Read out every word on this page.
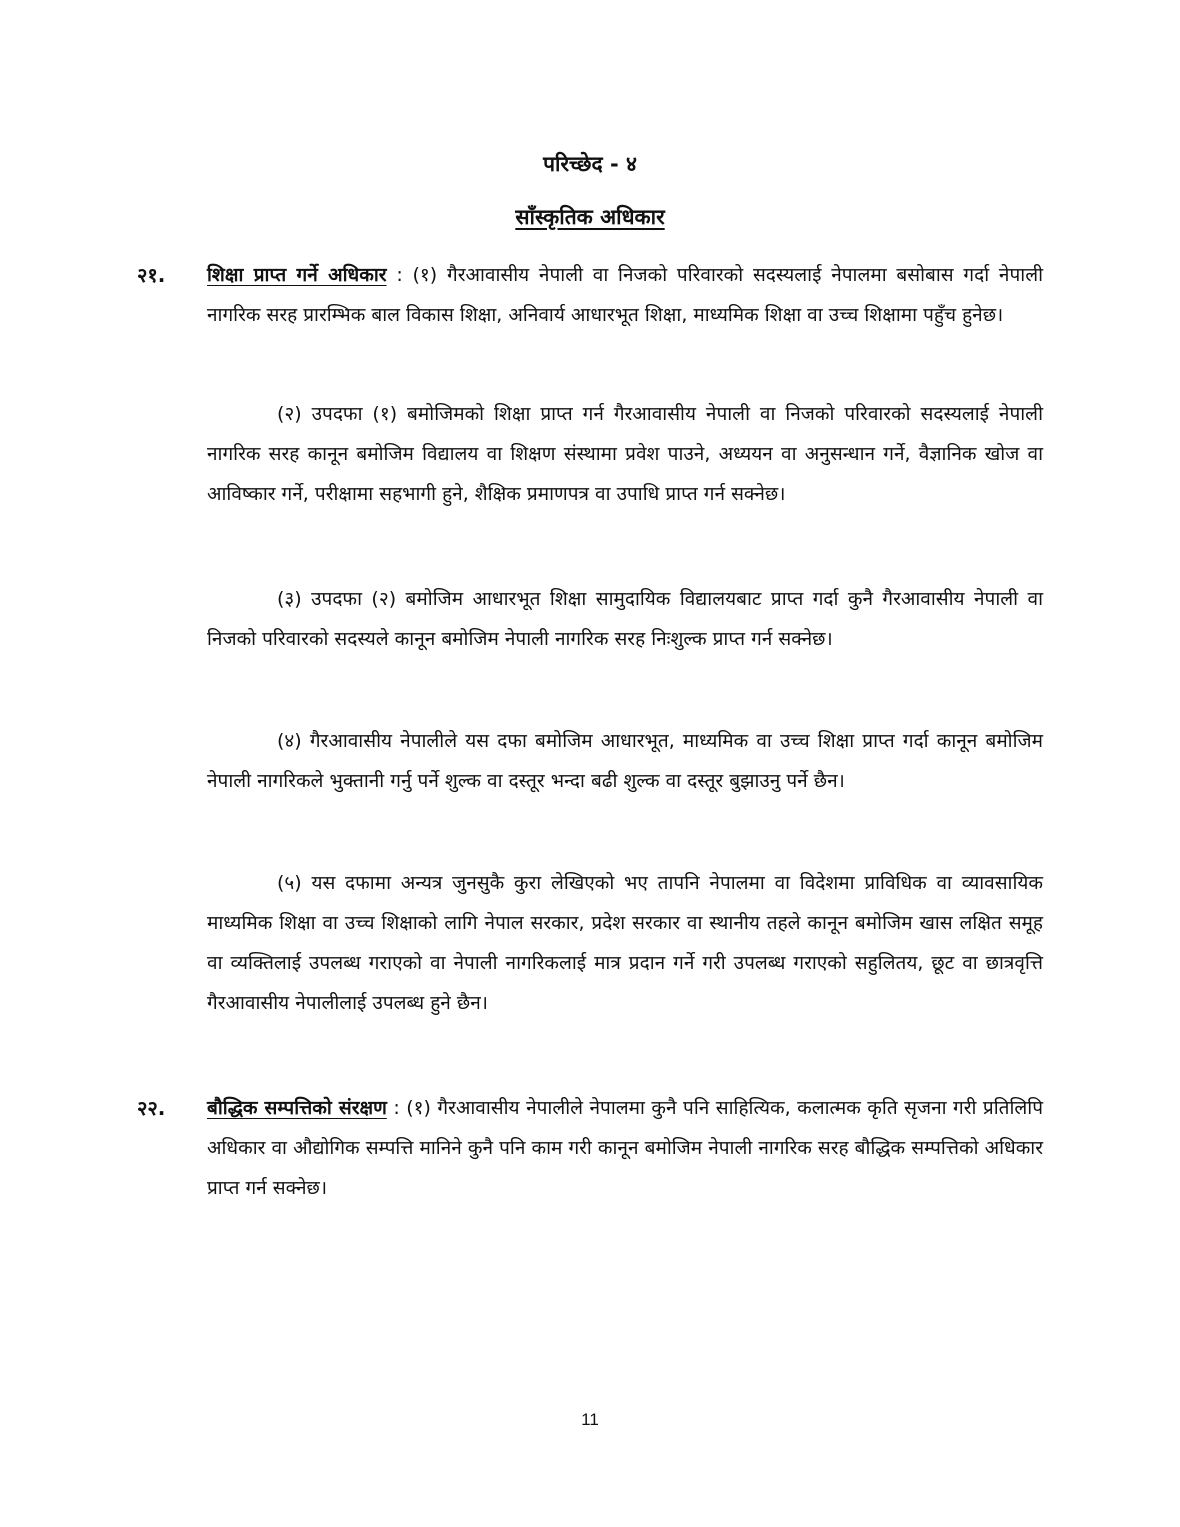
परिच्छेद - ४
साँस्कृतिक अधिकार
२१. शिक्षा प्राप्त गर्ने अधिकार : (१) गैरआवासीय नेपाली वा निजको परिवारको सदस्यलाई नेपालमा बसोबास गर्दा नेपाली नागरिक सरह प्रारम्भिक बाल विकास शिक्षा, अनिवार्य आधारभूत शिक्षा, माध्यमिक शिक्षा वा उच्च शिक्षामा पहुँच हुनेछ।

(२) उपदफा (१) बमोजिमको शिक्षा प्राप्त गर्न गैरआवासीय नेपाली वा निजको परिवारको सदस्यलाई नेपाली नागरिक सरह कानून बमोजिम विद्यालय वा शिक्षण संस्थामा प्रवेश पाउने, अध्ययन वा अनुसन्धान गर्ने, वैज्ञानिक खोज वा आविष्कार गर्ने, परीक्षामा सहभागी हुने, शैक्षिक प्रमाणपत्र वा उपाधि प्राप्त गर्न सक्नेछ।

(३) उपदफा (२) बमोजिम आधारभूत शिक्षा सामुदायिक विद्यालयबाट प्राप्त गर्दा कुनै गैरआवासीय नेपाली वा निजको परिवारको सदस्यले कानून बमोजिम नेपाली नागरिक सरह निःशुल्क प्राप्त गर्न सक्नेछ।

(४) गैरआवासीय नेपालीले यस दफा बमोजिम आधारभूत, माध्यमिक वा उच्च शिक्षा प्राप्त गर्दा कानून बमोजिम नेपाली नागरिकले भुक्तानी गर्नु पर्ने शुल्क वा दस्तूर भन्दा बढी शुल्क वा दस्तूर बुझाउनु पर्ने छैन।

(५) यस दफामा अन्यत्र जुनसुकै कुरा लेखिएको भए तापनि नेपालमा वा विदेशमा प्राविधिक वा व्यावसायिक माध्यमिक शिक्षा वा उच्च शिक्षाको लागि नेपाल सरकार, प्रदेश सरकार वा स्थानीय तहले कानून बमोजिम खास लक्षित समूह वा व्यक्तिलाई उपलब्ध गराएको वा नेपाली नागरिकलाई मात्र प्रदान गर्ने गरी उपलब्ध गराएको सहुलितय, छूट वा छात्रवृत्ति गैरआवासीय नेपालीलाई उपलब्ध हुने छैन।

२२. बौद्धिक सम्पत्तिको संरक्षण : (१) गैरआवासीय नेपालीले नेपालमा कुनै पनि साहित्यिक, कलात्मक कृति सृजना गरी प्रतिलिपि अधिकार वा औद्योगिक सम्पत्ति मानिने कुनै पनि काम गरी कानून बमोजिम नेपाली नागरिक सरह बौद्धिक सम्पत्तिको अधिकार प्राप्त गर्न सक्नेछ।

11
